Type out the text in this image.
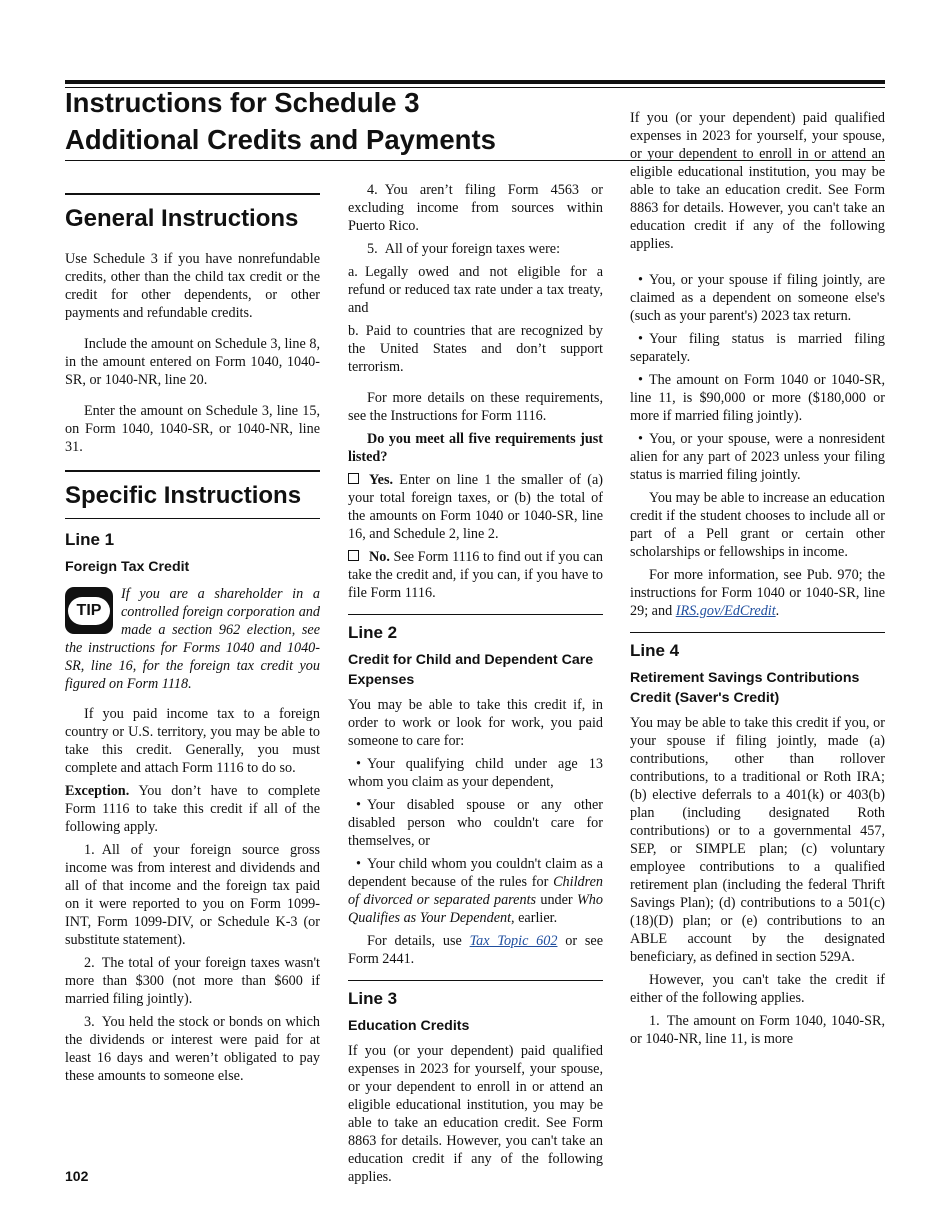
Instructions for Schedule 3
Additional Credits and Payments
General Instructions

Use Schedule 3 if you have nonrefundable credits, other than the child tax credit or the credit for other dependents, or other payments and refundable credits.

Include the amount on Schedule 3, line 8, in the amount entered on Form 1040, 1040-SR, or 1040-NR, line 20.

Enter the amount on Schedule 3, line 15, on Form 1040, 1040-SR, or 1040-NR, line 31.

Specific Instructions
Line 1
Foreign Tax Credit
TIP
If you are a shareholder in a controlled foreign corporation and made a section 962 election, see the instructions for Forms 1040 and 1040-SR, line 16, for the foreign tax credit you figured on Form 1118.

If you paid income tax to a foreign country or U.S. territory, you may be able to take this credit. Generally, you must complete and attach Form 1116 to do so.

Exception. You don’t have to complete Form 1116 to take this credit if all of the following apply.

1. All of your foreign source gross income was from interest and dividends and all of that income and the foreign tax paid on it were reported to you on Form 1099-INT, Form 1099-DIV, or Schedule K-3 (or substitute statement).

2. The total of your foreign taxes wasn't more than $300 (not more than $600 if married filing jointly).

3. You held the stock or bonds on which the dividends or interest were paid for at least 16 days and weren’t obligated to pay these amounts to someone else.

4. You aren’t filing Form 4563 or excluding income from sources within Puerto Rico.

5. All of your foreign taxes were:

a. Legally owed and not eligible for a refund or reduced tax rate under a tax treaty, and

b. Paid to countries that are recognized by the United States and don’t support terrorism.

For more details on these requirements, see the Instructions for Form 1116.

Do you meet all five requirements just listed?

Yes. Enter on line 1 the smaller of (a) your total foreign taxes, or (b) the total of the amounts on Form 1040 or 1040-SR, line 16, and Schedule 2, line 2.

No. See Form 1116 to find out if you can take the credit and, if you can, if you have to file Form 1116.

Line 2
Credit for Child and Dependent Care Expenses

You may be able to take this credit if, in order to work or look for work, you paid someone to care for:

• Your qualifying child under age 13 whom you claim as your dependent,

• Your disabled spouse or any other disabled person who couldn't care for themselves, or

• Your child whom you couldn't claim as a dependent because of the rules for Children of divorced or separated parents under Who Qualifies as Your Dependent, earlier.

For details, use Tax Topic 602 or see Form 2441.

Line 3
Education Credits

If you (or your dependent) paid qualified expenses in 2023 for yourself, your spouse, or your dependent to enroll in or attend an eligible educational institution, you may be able to take an education credit. See Form 8863 for details. However, you can't take an education credit if any of the following applies.

If you (or your dependent) paid qualified expenses in 2023 for yourself, your spouse, or your dependent to enroll in or attend an eligible educational institution, you may be able to take an education credit. See Form 8863 for details. However, you can't take an education credit if any of the following applies.

• You, or your spouse if filing jointly, are claimed as a dependent on someone else's (such as your parent's) 2023 tax return.

• Your filing status is married filing separately.

• The amount on Form 1040 or 1040-SR, line 11, is $90,000 or more ($180,000 or more if married filing jointly).

• You, or your spouse, were a nonresident alien for any part of 2023 unless your filing status is married filing jointly.

You may be able to increase an education credit if the student chooses to include all or part of a Pell grant or certain other scholarships or fellowships in income.

For more information, see Pub. 970; the instructions for Form 1040 or 1040-SR, line 29; and IRS.gov/EdCredit.

Line 4
Retirement Savings Contributions Credit (Saver's Credit)

You may be able to take this credit if you, or your spouse if filing jointly, made (a) contributions, other than rollover contributions, to a traditional or Roth IRA; (b) elective deferrals to a 401(k) or 403(b) plan (including designated Roth contributions) or to a governmental 457, SEP, or SIMPLE plan; (c) voluntary employee contributions to a qualified retirement plan (including the federal Thrift Savings Plan); (d) contributions to a 501(c)(18)(D) plan; or (e) contributions to an ABLE account by the designated beneficiary, as defined in section 529A.

However, you can't take the credit if either of the following applies.

1. The amount on Form 1040, 1040-SR, or 1040-NR, line 11, is more

102
